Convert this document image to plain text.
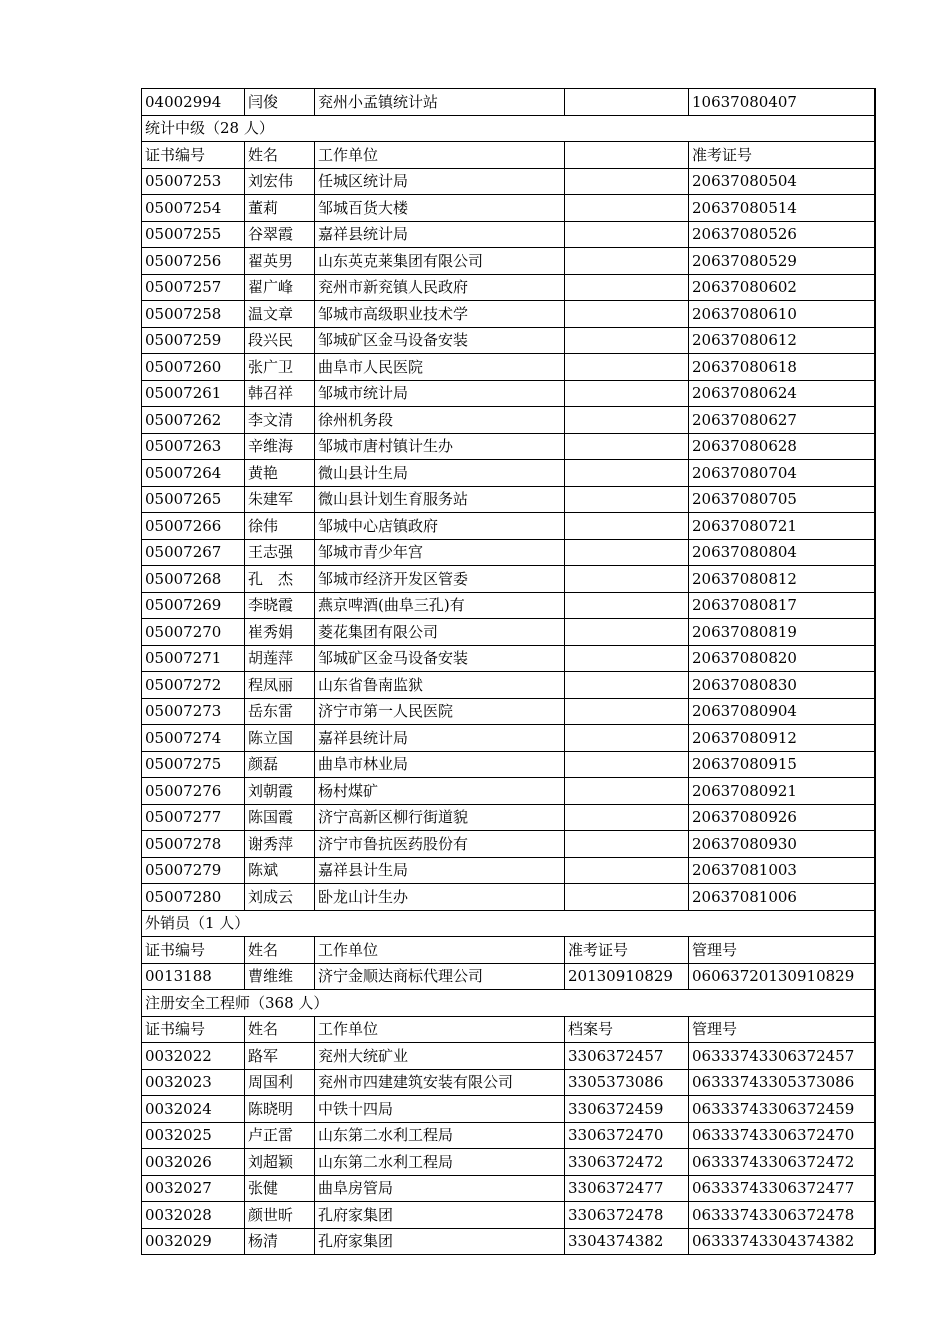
04002994	闫俊	兖州小孟镇统计站		10637080407
统计中级（28 人）				
证书编号	姓名	工作单位		准考证号
05007253	刘宏伟	任城区统计局		20637080504
05007254	董莉	邹城百货大楼		20637080514
05007255	谷翠霞	嘉祥县统计局		20637080526
05007256	翟英男	山东英克莱集团有限公司		20637080529
05007257	翟广峰	兖州市新兖镇人民政府		20637080602
05007258	温文章	邹城市高级职业技术学		20637080610
05007259	段兴民	邹城矿区金马设备安装		20637080612
05007260	张广卫	曲阜市人民医院		20637080618
05007261	韩召祥	邹城市统计局		20637080624
05007262	李文清	徐州机务段		20637080627
05007263	辛维海	邹城市唐村镇计生办		20637080628
05007264	黄艳	微山县计生局		20637080704
05007265	朱建军	微山县计划生育服务站		20637080705
05007266	徐伟	邹城中心店镇政府		20637080721
05007267	王志强	邹城市青少年宫		20637080804
05007268	孔　杰	邹城市经济开发区管委		20637080812
05007269	李晓霞	燕京啤酒(曲阜三孔)有		20637080817
05007270	崔秀娟	菱花集团有限公司		20637080819
05007271	胡莲萍	邹城矿区金马设备安装		20637080820
05007272	程凤丽	山东省鲁南监狱		20637080830
05007273	岳东雷	济宁市第一人民医院		20637080904
05007274	陈立国	嘉祥县统计局		20637080912
05007275	颜磊	曲阜市林业局		20637080915
05007276	刘朝霞	杨村煤矿		20637080921
05007277	陈国霞	济宁高新区柳行街道貌		20637080926
05007278	谢秀萍	济宁市鲁抗医药股份有		20637080930
05007279	陈斌	嘉祥县计生局		20637081003
05007280	刘成云	卧龙山计生办		20637081006
外销员（1 人）				
证书编号	姓名	工作单位	准考证号	管理号
0013188	曹维维	济宁金顺达商标代理公司	20130910829	06063720130910829
注册安全工程师（368 人）				
证书编号	姓名	工作单位	档案号	管理号
0032022	路军	兖州大统矿业	3306372457	06333743306372457
0032023	周国利	兖州市四建建筑安装有限公司	3305373086	06333743305373086
0032024	陈晓明	中铁十四局	3306372459	06333743306372459
0032025	卢正雷	山东第二水利工程局	3306372470	06333743306372470
0032026	刘超颖	山东第二水利工程局	3306372472	06333743306372472
0032027	张健	曲阜房管局	3306372477	06333743306372477
0032028	颜世昕	孔府家集团	3306372478	06333743306372478
0032029	杨清	孔府家集团	3304374382	06333743304374382
